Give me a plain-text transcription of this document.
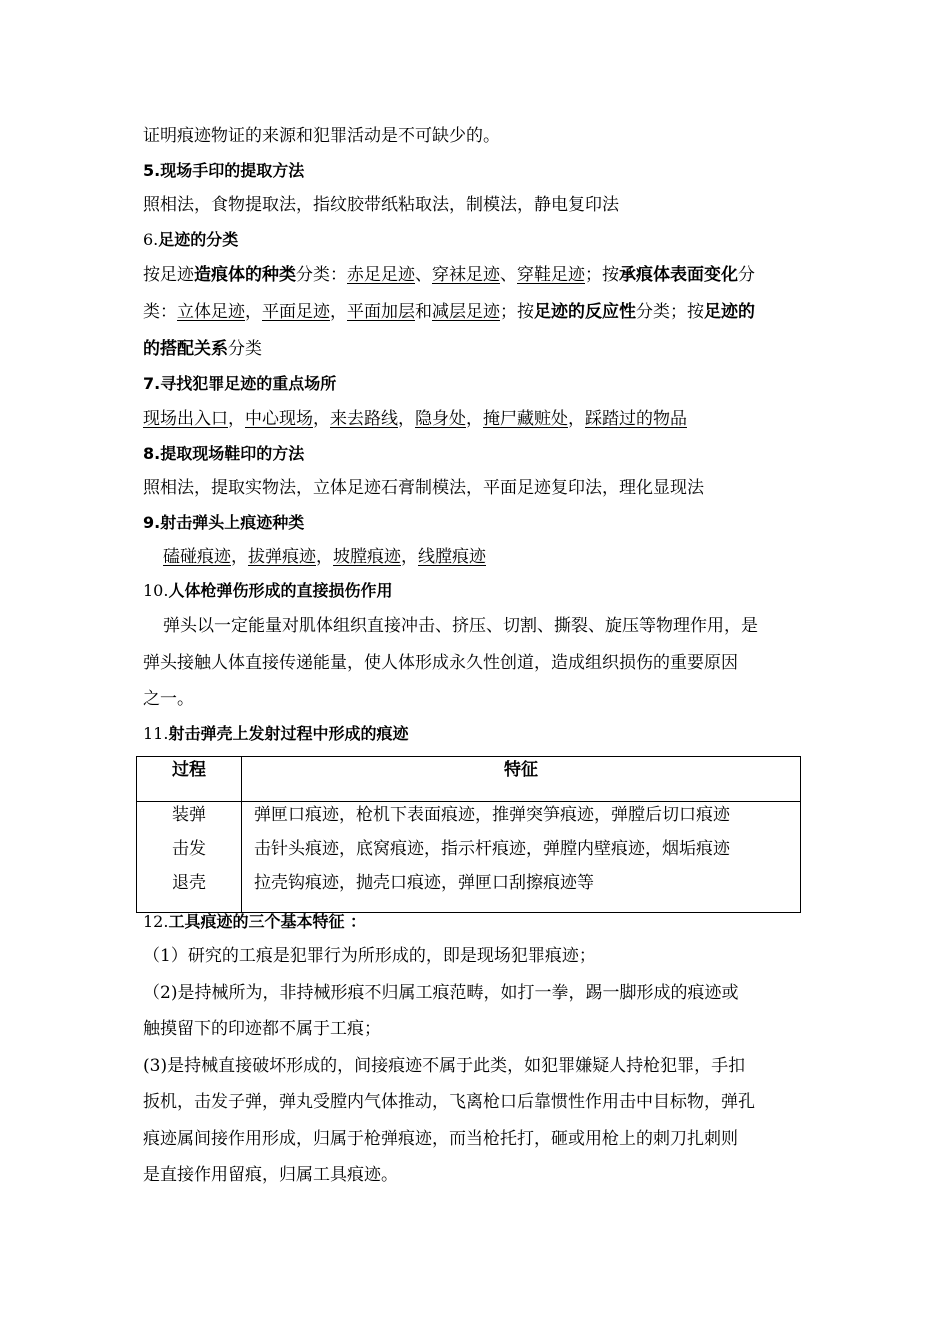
证明痕迹物证的来源和犯罪活动是不可缺少的。
5.现场手印的提取方法
照相法，食物提取法，指纹胶带纸粘取法，制模法，静电复印法
6.足迹的分类
按足迹造痕体的种类分类：赤足足迹、穿袜足迹、穿鞋足迹；按承痕体表面变化分
类：立体足迹，平面足迹，平面加层和减层足迹；按足迹的反应性分类；按足迹的
的搭配关系分类
7.寻找犯罪足迹的重点场所
现场出入口，中心现场，来去路线，隐身处，掩尸藏赃处，踩踏过的物品
8.提取现场鞋印的方法
照相法，提取实物法，立体足迹石膏制模法，平面足迹复印法，理化显现法
9.射击弹头上痕迹种类
磕碰痕迹，拔弹痕迹，坡膛痕迹，线膛痕迹
10.人体枪弹伤形成的直接损伤作用
弹头以一定能量对肌体组织直接冲击、挤压、切割、撕裂、旋压等物理作用，是
弹头接触人体直接传递能量，使人体形成永久性创道，造成组织损伤的重要原因
之一。
11.射击弹壳上发射过程中形成的痕迹
过程	特征
装弹	弹匣口痕迹，枪机下表面痕迹，推弹突笋痕迹，弹膛后切口痕迹
击发	击针头痕迹，底窝痕迹，指示杆痕迹，弹膛内壁痕迹，烟垢痕迹
退壳	拉壳钩痕迹，抛壳口痕迹，弹匣口刮擦痕迹等
12.工具痕迹的三个基本特征 ：
（1）研究的工痕是犯罪行为所形成的，即是现场犯罪痕迹；
（2)是持械所为，非持械形痕不归属工痕范畴，如打一拳，踢一脚形成的痕迹或
触摸留下的印迹都不属于工痕；
(3)是持械直接破坏形成的，间接痕迹不属于此类，如犯罪嫌疑人持枪犯罪，手扣
扳机，击发子弹，弹丸受膛内气体推动，飞离枪口后靠惯性作用击中目标物，弹孔
痕迹属间接作用形成，归属于枪弹痕迹，而当枪托打，砸或用枪上的刺刀扎刺则
是直接作用留痕，归属工具痕迹。
